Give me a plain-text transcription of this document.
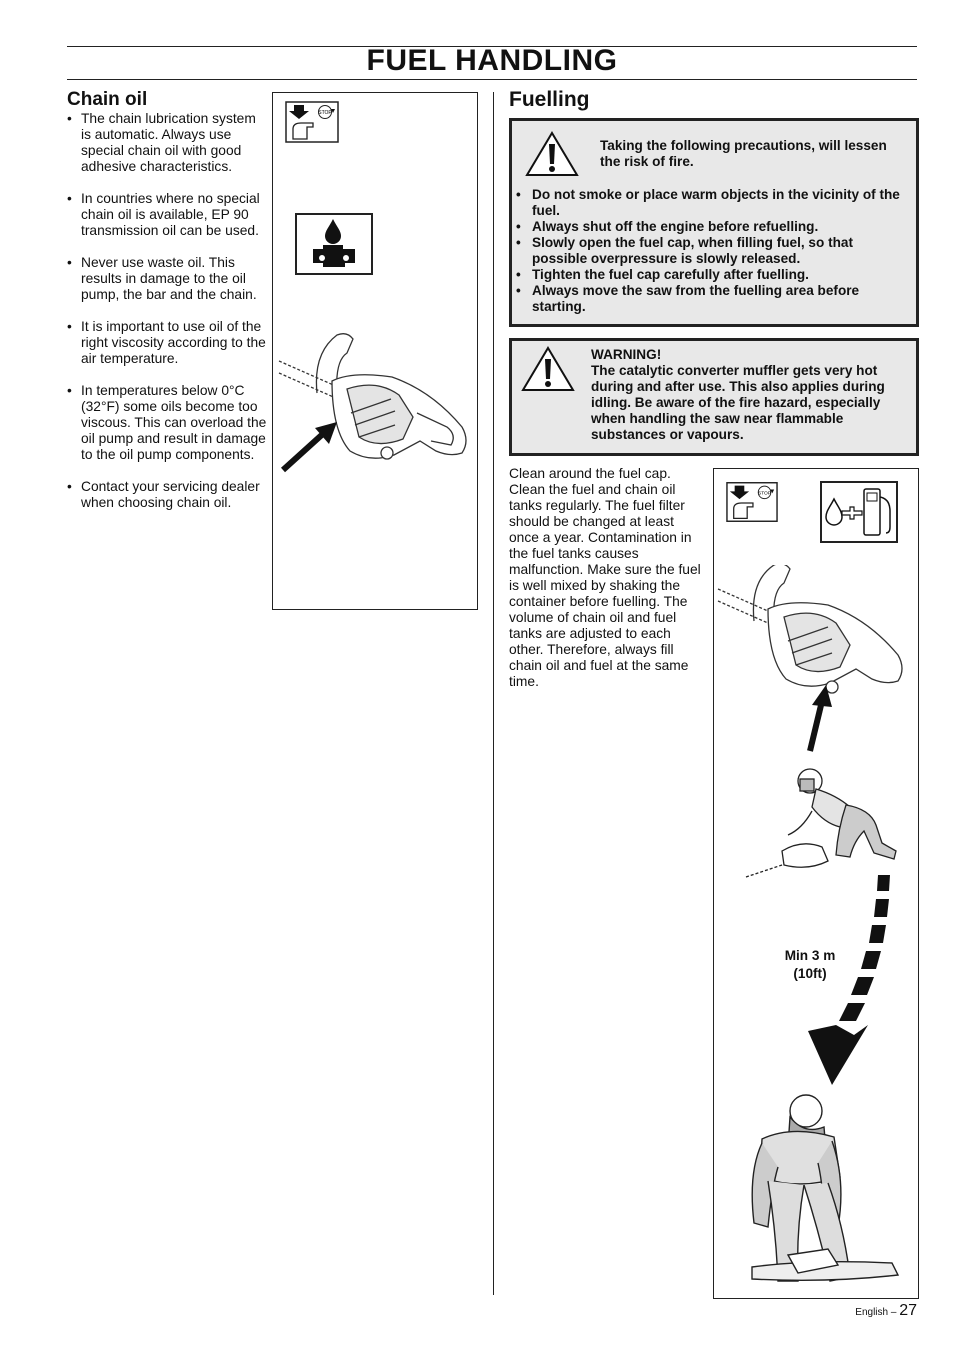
FUEL HANDLING
Chain oil
• The chain lubrication system is automatic. Always use special chain oil with good adhesive characteristics.
• In countries where no special chain oil is available, EP 90 transmission oil can be used.
• Never use waste oil. This results in damage to the oil pump, the bar and the chain.
• It is important to use oil of the right viscosity according to the air temperature.
• In temperatures below 0°C (32°F) some oils become too viscous. This can overload the oil pump and result in damage to the oil pump components.
• Contact your servicing dealer when choosing chain oil.
STOP
Fuelling
Taking the following precautions, will lessen the risk of fire.
• Do not smoke or place warm objects in the vicinity of the fuel.
• Always shut off the engine before refuelling.
• Slowly open the fuel cap, when filling fuel, so that possible overpressure is slowly released.
• Tighten the fuel cap carefully after fuelling.
• Always move the saw from the fuelling area before starting.
WARNING!
The catalytic converter muffler gets very hot during and after use. This also applies during idling. Be aware of the fire hazard, especially when handling the saw near flammable substances or vapours.
Clean around the fuel cap. Clean the fuel and chain oil tanks regularly. The fuel filter should be changed at least once a year. Contamination in the fuel tanks causes malfunction. Make sure the fuel is well mixed by shaking the container before fuelling. The volume of chain oil and fuel tanks are adjusted to each other. Therefore, always fill chain oil and fuel at the same time.
STOP
Min 3 m
(10ft)
English – 27
